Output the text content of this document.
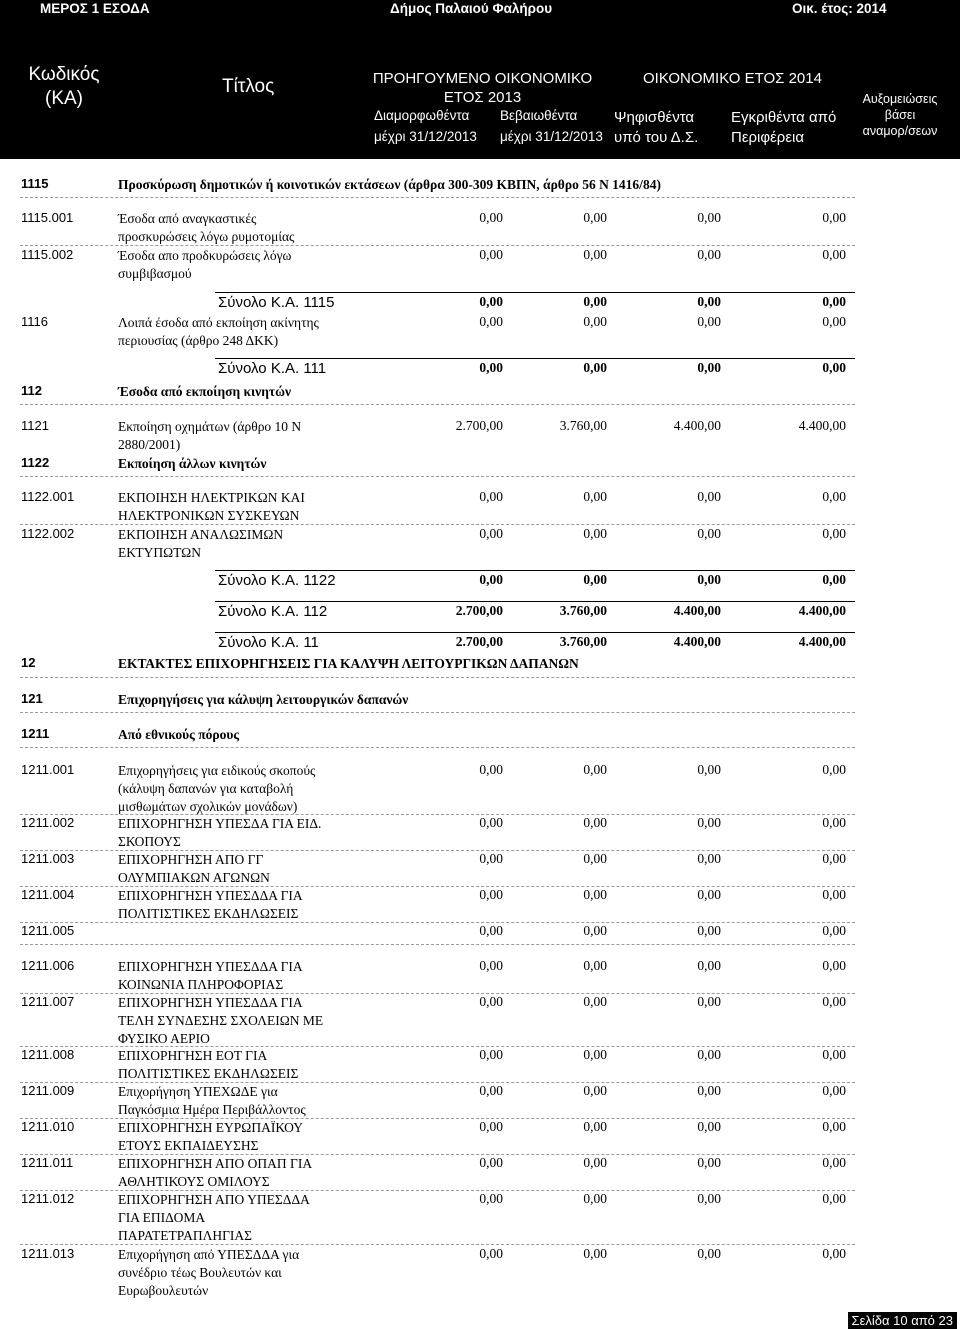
ΜΕΡΟΣ 1 ΕΣΟΔΑ	Δήμος Παλαιού Φαλήρου	Οικ. έτος: 2014
Κωδικός
(ΚΑ)
Τίτλος	ΠΡΟΗΓΟΥΜΕΝΟ ΟΙΚΟΝΟΜΙΚΟ
ΕΤΟΣ 2013
Διαμορφωθέντα
μέχρι 31/12/2013
Βεβαιωθέντα
μέχρι 31/12/2013
ΟΙΚΟΝΟΜΙΚΟ ΕΤΟΣ 2014
Ψηφισθέντα
υπό του Δ.Σ.
Εγκριθέντα από
Περιφέρεια
Αυξομειώσεις
βάσει
αναμορ/σεων
1115	Προσκύρωση δημοτικών ή κοινοτικών εκτάσεων (άρθρα 300-309 ΚΒΠΝ, άρθρο 56 Ν 1416/84)
1115.001	Έσοδα από αναγκαστικές προσκυρώσεις λόγω ρυμοτομίας
0,00	0,00	0,00	0,00
1115.002	Έσοδα απο προδκυρώσεις λόγω συμβιβασμού
0,00	0,00	0,00	0,00
Σύνολο Κ.Α. 1115	0,00	0,00	0,00	0,00
1116	Λοιπά έσοδα από εκποίηση ακίνητης περιουσίας (άρθρο 248 ΔΚΚ)
0,00	0,00	0,00	0,00
Σύνολο Κ.Α. 111	0,00	0,00	0,00	0,00
112	Έσοδα από εκποίηση κινητών
1121	Εκποίηση οχημάτων (άρθρο 10 Ν 2880/2001)
2.700,00	3.760,00	4.400,00	4.400,00
1122	Εκποίηση άλλων κινητών
1122.001	ΕΚΠΟΙΗΣΗ ΗΛΕΚΤΡΙΚΩΝ ΚΑΙ ΗΛΕΚΤΡΟΝΙΚΩΝ ΣΥΣΚΕΥΩΝ
0,00	0,00	0,00	0,00
1122.002	ΕΚΠΟΙΗΣΗ ΑΝΑΛΩΣΙΜΩΝ ΕΚΤΥΠΩΤΩΝ
0,00	0,00	0,00	0,00
Σύνολο Κ.Α. 1122	0,00	0,00	0,00	0,00
Σύνολο Κ.Α. 112	2.700,00	3.760,00	4.400,00	4.400,00
Σύνολο Κ.Α. 11	2.700,00	3.760,00	4.400,00	4.400,00
12	ΕΚΤΑΚΤΕΣ ΕΠΙΧΟΡΗΓΗΣΕΙΣ ΓΙΑ ΚΑΛΥΨΗ ΛΕΙΤΟΥΡΓΙΚΩΝ ΔΑΠΑΝΩΝ
121	Επιχορηγήσεις για κάλυψη λειτουργικών δαπανών
1211	Από εθνικούς πόρους
1211.001	Επιχορηγήσεις για ειδικούς σκοπούς (κάλυψη δαπανών για καταβολή μισθωμάτων σχολικών μονάδων)
0,00	0,00	0,00	0,00
1211.002	ΕΠΙΧΟΡΗΓΗΣΗ ΥΠΕΣΔΑ ΓΙΑ ΕΙΔ. ΣΚΟΠΟΥΣ
0,00	0,00	0,00	0,00
1211.003	ΕΠΙΧΟΡΗΓΗΣΗ ΑΠΟ ΓΓ ΟΛΥΜΠΙΑΚΩΝ ΑΓΩΝΩΝ
0,00	0,00	0,00	0,00
1211.004	ΕΠΙΧΟΡΗΓΗΣΗ ΥΠΕΣΔΔΑ ΓΙΑ ΠΟΛΙΤΙΣΤΙΚΕΣ ΕΚΔΗΛΩΣΕΙΣ
0,00	0,00	0,00	0,00
1211.005	0,00	0,00	0,00	0,00
1211.006	ΕΠΙΧΟΡΗΓΗΣΗ ΥΠΕΣΔΔΑ ΓΙΑ ΚΟΙΝΩΝΙΑ ΠΛΗΡΟΦΟΡΙΑΣ
0,00	0,00	0,00	0,00
1211.007	ΕΠΙΧΟΡΗΓΗΣΗ ΥΠΕΣΔΔΑ ΓΙΑ ΤΕΛΗ ΣΥΝΔΕΣΗΣ ΣΧΟΛΕΙΩΝ ΜΕ ΦΥΣΙΚΟ ΑΕΡΙΟ
0,00	0,00	0,00	0,00
1211.008	ΕΠΙΧΟΡΗΓΗΣΗ ΕΟΤ ΓΙΑ ΠΟΛΙΤΙΣΤΙΚΕΣ ΕΚΔΗΛΩΣΕΙΣ
0,00	0,00	0,00	0,00
1211.009	Επιχορήγηση ΥΠΕΧΩΔΕ για Παγκόσμια Ημέρα Περιβάλλοντος
0,00	0,00	0,00	0,00
1211.010	ΕΠΙΧΟΡΗΓΗΣΗ ΕΥΡΩΠΑΪΚΟΥ ΕΤΟΥΣ ΕΚΠΑΙΔΕΥΣΗΣ
0,00	0,00	0,00	0,00
1211.011	ΕΠΙΧΟΡΗΓΗΣΗ ΑΠΟ ΟΠΑΠ ΓΙΑ ΑΘΛΗΤΙΚΟΥΣ ΟΜΙΛΟΥΣ
0,00	0,00	0,00	0,00
1211.012	ΕΠΙΧΟΡΗΓΗΣΗ ΑΠΟ ΥΠΕΣΔΔΑ ΓΙΑ ΕΠΙΔΟΜΑ ΠΑΡΑΤΕΤΡΑΠΛΗΓΙΑΣ
0,00	0,00	0,00	0,00
1211.013	Επιχορήγηση από ΥΠΕΣΔΔΑ για συνέδριο τέως Βουλευτών και Ευρωβουλευτών
0,00	0,00	0,00	0,00
Σελίδα 10 από 23
